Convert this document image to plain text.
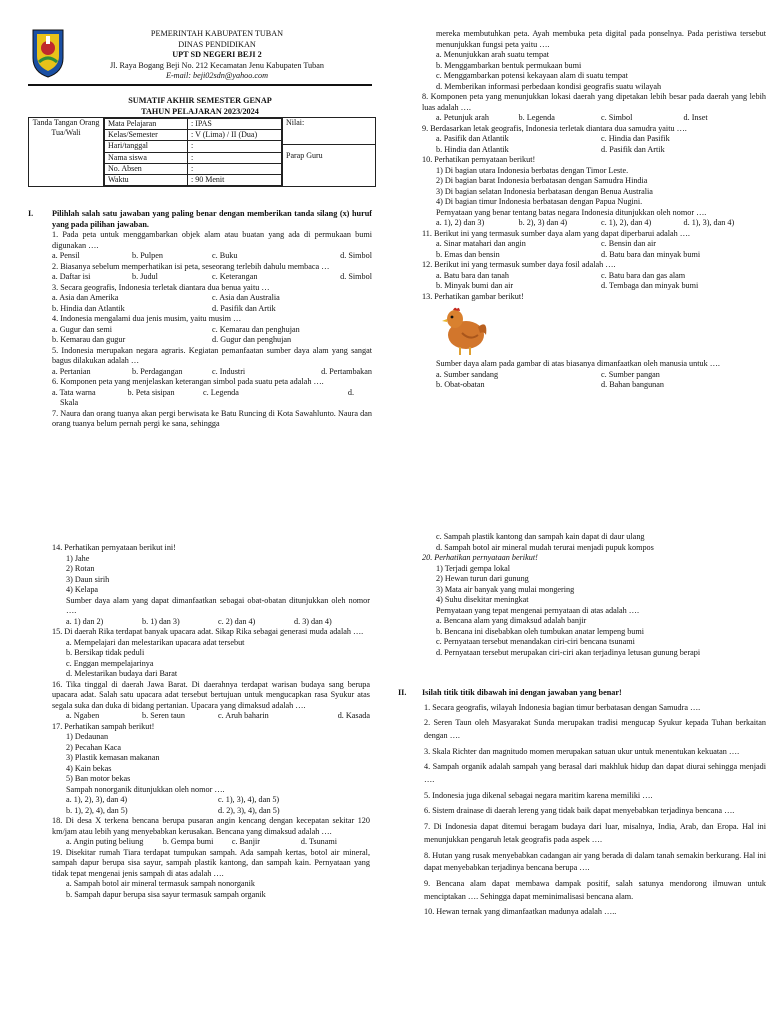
PEMERINTAH KABUPATEN TUBAN
DINAS PENDIDIKAN
UPT SD NEGERI BEJI 2
Jl. Raya Bogang Beji No. 212 Kecamatan Jenu Kabupaten Tuban
E-mail: beji02sdn@yahoo.com
SUMATIF AKHIR SEMESTER GENAP
TAHUN PELAJARAN 2023/2024
Tanda Tangan Orang Tua/Wali	
Mata Pelajaran	: IPAS
Kelas/Semester	: V (Lima) / II (Dua)
Hari/tanggal	:
Nama siswa	:
No. Absen	:
Waktu	: 90 Menit

Nilai:
Parap Guru
I.	Pilihlah salah satu jawaban yang paling benar dengan memberikan tanda silang (x) huruf yang pada pilihan jawaban.
1. Pada peta untuk menggambarkan objek alam atau buatan yang ada di permukaan bumi digunakan ….
a. Pensil	b. Pulpen	c. Buku	d. Simbol
2. Biasanya sebelum memperhatikan isi peta, seseorang terlebih dahulu membaca …
a. Daftar isi	b. Judul	c. Keterangan	d. Simbol
3. Secara geografis, Indonesia terletak diantara dua benua yaitu …
a. Asia dan Amerika	c. Asia dan Australia
b. Hindia dan Atlantik	d. Pasifik dan Artik
4. Indonesia mengalami dua jenis musim, yaitu musim …
a. Gugur dan semi	c. Kemarau dan penghujan
b. Kemarau dan gugur	d. Gugur dan penghujan
5. Indonesia merupakan negara agraris. Kegiatan pemanfaatan sumber daya alam yang sangat bagus dilakukan adalah …
a. Pertanian	b. Perdagangan	c. Industri	d. Pertambakan
6. Komponen peta yang menjelaskan keterangan simbol pada suatu peta adalah ….
a. Tata warna	b. Peta sisipan	c. Legenda	d.
Skala
7. Naura dan orang tuanya akan pergi berwisata ke Batu Runcing di Kota Sawahlunto. Naura dan orang tuanya belum pernah pergi ke sana, sehingga
mereka membutuhkan peta. Ayah membuka peta digital pada ponselnya. Pada peristiwa tersebut menunjukkan fungsi peta yaitu ….
a. Menunjukkan arah suatu tempat
b. Menggambarkan bentuk permukaan bumi
c. Menggambarkan potensi kekayaan alam di suatu tempat
d. Memberikan informasi perbedaan kondisi geografis suatu wilayah
8. Komponen peta yang menunjukkan lokasi daerah yang dipetakan lebih besar pada daerah yang lebih luas adalah ….
a. Petunjuk arah	b. Legenda	c. Simbol	d. Inset
9. Berdasarkan letak geografis, Indonesia terletak diantara dua samudra yaitu ….
a. Pasifik dan Atlantik	c. Hindia dan Pasifik
b. Hindia dan Atlantik	d. Pasifik dan Artik
10. Perhatikan pernyataan berikut!
1) Di bagian utara Indonesia berbatas dengan Timor Leste.
2) Di bagian barat Indonesia berbatasan dengan Samudra Hindia
3) Di bagian selatan Indonesia berbatasan dengan Benua Australia
4) Di bagian timur Indonesia berbatasan dengan Papua Nugini.
Pernyataan yang benar tentang batas negara Indonesia ditunjukkan oleh nomor ….
a. 1), 2) dan 3)	b. 2), 3) dan 4)	c. 1), 2), dan 4)	d. 1), 3), dan 4)
11. Berikut ini yang termasuk sumber daya alam yang dapat diperbarui adalah ….
a. Sinar matahari dan angin	c. Bensin dan air
b. Emas dan bensin	d. Batu bara dan minyak bumi
12. Berikut ini yang termasuk sumber daya fosil adalah ….
a. Batu bara dan tanah	c. Batu bara dan gas alam
b. Minyak bumi dan air	d. Tembaga dan minyak bumi
13. Perhatikan gambar berikut!
Sumber daya alam pada gambar di atas biasanya dimanfaatkan oleh manusia untuk ….
a. Sumber sandang	c. Sumber pangan
b. Obat-obatan	d. Bahan bangunan
14. Perhatikan pernyataan berikut ini!
1) Jahe
2) Rotan
3) Daun sirih
4) Kelapa
Sumber daya alam yang dapat dimanfaatkan sebagai obat-obatan ditunjukkan oleh nomor ….
a. 1) dan 2)	b. 1) dan 3)	c. 2) dan 4)	d. 3) dan 4)
15. Di daerah Rika terdapat banyak upacara adat. Sikap Rika sebagai generasi muda adalah ….
a. Mempelajari dan melestarikan upacara adat tersebut
b. Bersikap tidak peduli
c. Enggan mempelajarinya
d. Melestarikan budaya dari Barat
16. Tika tinggal di daerah Jawa Barat. Di daerahnya terdapat warisan budaya sang berupa upacara adat. Salah satu upacara adat tersebut bertujuan untuk mengucapkan rasa Syukur atas segala suka dan duka di bidang pertanian. Upacara yang dimaksud adalah ….
a. Ngaben	b. Seren taun	c. Aruh baharin	d. Kasada
17. Perhatikan sampah berikut!
1) Dedaunan
2) Pecahan Kaca
3) Plastik kemasan makanan
4) Kain bekas
5) Ban motor bekas
Sampah nonorganik ditunjukkan oleh nomor ….
a. 1), 2), 3), dan 4)	c. 1), 3), 4), dan 5)
b. 1), 2), 4), dan 5)	d. 2), 3), 4), dan 5)
18. Di desa X terkena bencana berupa pusaran angin kencang dengan kecepatan sekitar 120 km/jam atau lebih yang menyebabkan kerusakan. Bencana yang dimaksud adalah ….
a. Angin puting beliung	b. Gempa bumi	c. Banjir	d. Tsunami
19. Disekitar rumah Tiara terdapat tumpukan sampah. Ada sampah kertas, botol air mineral, sampah dapur berupa sisa sayur, sampah plastik kantong, dan sampah kain. Pernyataan yang tidak tepat mengenai jenis sampah di atas adalah ….
a. Sampah botol air mineral termasuk sampah nonorganik
b. Sampah dapur berupa sisa sayur termasuk sampah organik
c. Sampah plastik kantong dan sampah kain dapat di daur ulang
d. Sampah botol air mineral mudah terurai menjadi pupuk kompos
20. Perhatikan pernyataan berikut!
1) Terjadi gempa lokal
2) Hewan turun dari gunung
3) Mata air banyak yang mulai mongering
4) Suhu disekitar meningkat
Pernyataan yang tepat mengenai pernyataan di atas adalah ….
a. Bencana alam yang dimaksud adalah banjir
b. Bencana ini disebabkan oleh tumbukan anatar lempeng bumi
c. Pernyataan tersebut menandakan ciri-ciri bencana tsunami
d. Pernyataan tersebut merupakan ciri-ciri akan terjadinya letusan gunung berapi
II.	Isilah titik titik dibawah ini dengan jawaban yang benar!
1. Secara geografis, wilayah Indonesia bagian timur berbatasan dengan Samudra ….
2. Seren Taun oleh Masyarakat Sunda merupakan tradisi mengucap Syukur kepada Tuhan berkaitan dengan ….
3. Skala Richter dan magnitudo momen merupakan satuan ukur untuk menentukan kekuatan ….
4. Sampah organik adalah sampah yang berasal dari makhluk hidup dan dapat diurai sehingga menjadi ….
5. Indonesia juga dikenal sebagai negara maritim karena memiliki ….
6. Sistem drainase di daerah lereng yang tidak baik dapat menyebabkan terjadinya bencana ….
7. Di Indonesia dapat ditemui beragam budaya dari luar, misalnya, India, Arab, dan Eropa. Hal ini menunjukkan pengaruh letak geografis pada aspek ….
8. Hutan yang rusak menyebabkan cadangan air yang berada di dalam tanah semakin berkurang. Hal ini dapat menyebabkan terjadinya bencana berupa ….
9. Bencana alam dapat membawa dampak positif, salah satunya mendorong ilmuwan untuk menciptakan …. Sehingga dapat meminimalisasi bencana alam.
10. Hewan ternak yang dimanfaatkan madunya adalah …..
